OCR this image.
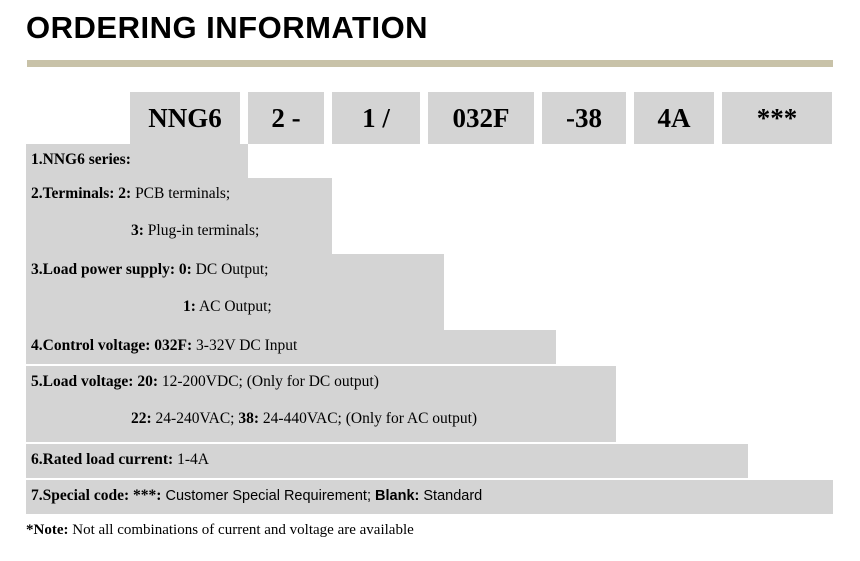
ORDERING INFORMATION
NNG6	2 -	1 /	032F	-38	4A	***
1.NNG6 series:
2.Terminals: 2: PCB terminals;
3: Plug-in terminals;
3.Load power supply: 0: DC Output;
1: AC Output;
4.Control voltage: 032F: 3-32V DC Input
5.Load voltage: 20: 12-200VDC; (Only for DC output)
22: 24-240VAC; 38: 24-440VAC; (Only for AC output)
6.Rated load current: 1-4A
7.Special code: ***: Customer Special Requirement; Blank: Standard
*Note: Not all combinations of current and voltage are available
